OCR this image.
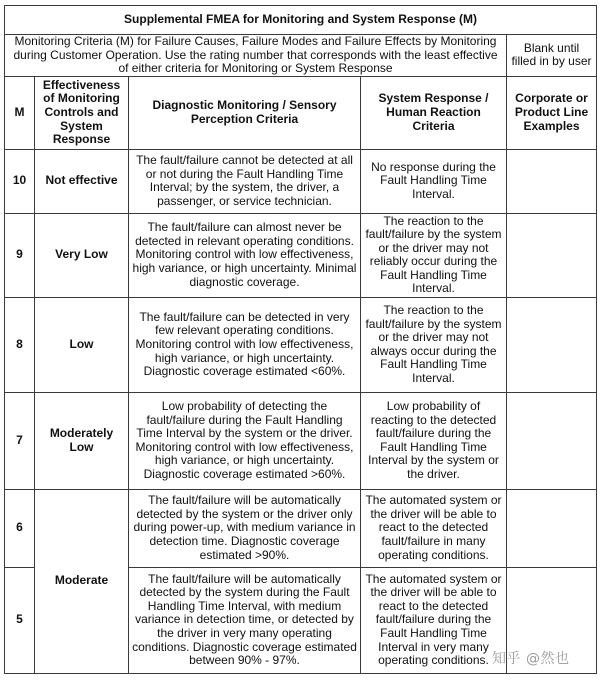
Supplemental FMEA for Monitoring and System Response (M)				
Monitoring Criteria (M) for Failure Causes, Failure Modes and Failure Effects by Monitoring during Customer Operation. Use the rating number that corresponds with the least effective of either criteria for Monitoring or System Response				Blank until filled in by user
M	Effectiveness of Monitoring Controls and System Response	Diagnostic Monitoring / Sensory Perception Criteria	System Response / Human Reaction Criteria	Corporate or Product Line Examples
10	Not effective	The fault/failure cannot be detected at all or not during the Fault Handling Time Interval; by the system, the driver, a passenger, or service technician.	No response during the Fault Handling Time Interval.	
9	Very Low	The fault/failure can almost never be detected in relevant operating conditions. Monitoring control with low effectiveness, high variance, or high uncertainty. Minimal diagnostic coverage.	The reaction to the fault/failure by the system or the driver may not reliably occur during the Fault Handling Time Interval.	
8	Low	The fault/failure can be detected in very few relevant operating conditions. Monitoring control with low effectiveness, high variance, or high uncertainty. Diagnostic coverage estimated <60%.	The reaction to the fault/failure by the system or the driver may not always occur during the Fault Handling Time Interval.	
7	Moderately Low	Low probability of detecting the fault/failure during the Fault Handling Time Interval by the system or the driver. Monitoring control with low effectiveness, high variance, or high uncertainty. Diagnostic coverage estimated >60%.	Low probability of reacting to the detected fault/failure during the Fault Handling Time Interval by the system or the driver.	
6	Moderate	The fault/failure will be automatically detected by the system or the driver only during power-up, with medium variance in detection time. Diagnostic coverage estimated >90%.	The automated system or the driver will be able to react to the detected fault/failure in many operating conditions.	
5		The fault/failure will be automatically detected by the system during the Fault Handling Time Interval, with medium variance in detection time, or detected by the driver in very many operating conditions. Diagnostic coverage estimated between 90% - 97%.	The automated system or the driver will be able to react to the detected fault/failure during the Fault Handling Time Interval in very many operating conditions.	知乎 @然也
